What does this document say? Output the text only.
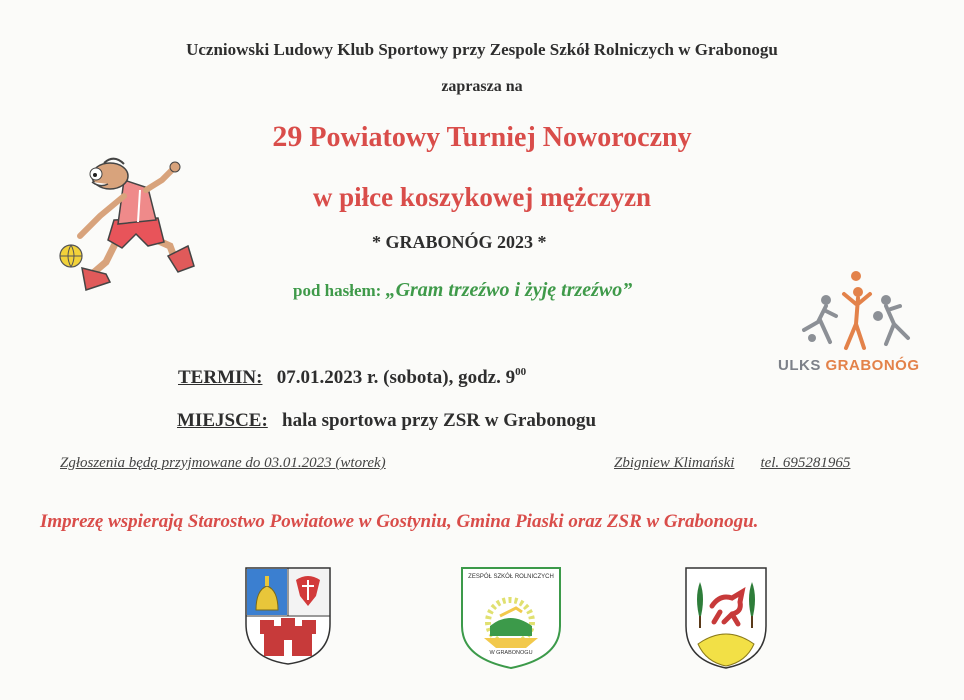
Uczniowski Ludowy Klub Sportowy przy Zespole Szkół Rolniczych w Grabonogu
zaprasza na
29 Powiatowy Turniej Noworoczny
w piłce koszykowej mężczyzn
* GRABONÓG 2023 *
pod hasłem: „Gram trzeźwo i żyję trzeźwo”
ULKS GRABONÓG
TERMIN: 07.01.2023 r. (sobota), godz. $9^{00}$
MIEJSCE: hala sportowa przy ZSR w Grabonogu
Zgłoszenia będą przyjmowane do 03.01.2023 (wtorek)	Zbigniew Klimański tel. 695281965
Imprezę wspierają Starostwo Powiatowe w Gostyniu, Gmina Piaski oraz ZSR w Grabonogu.
ZESPÓŁ SZKÓŁ ROLNICZYCH
W GRABONOGU
